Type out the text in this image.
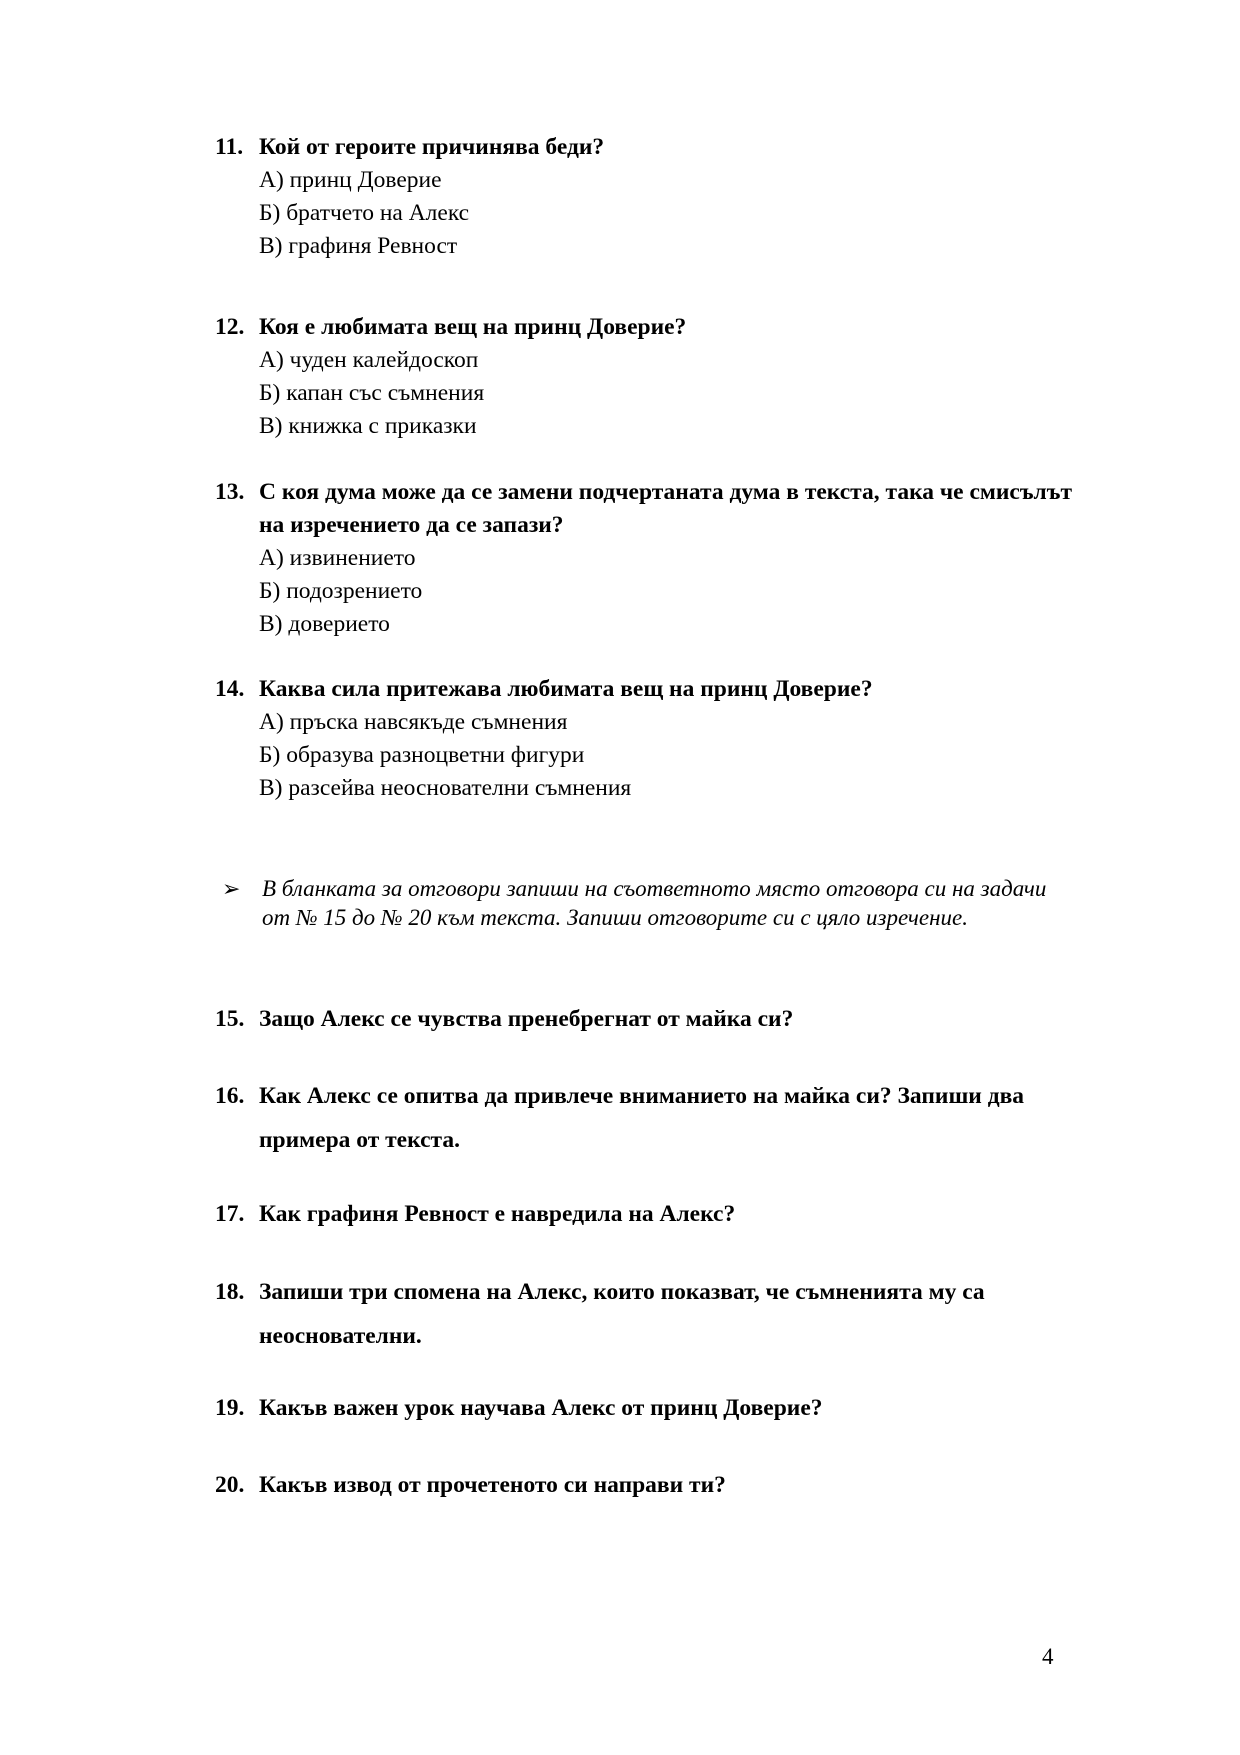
11. Кой от героите причинява беди?
А) принц Доверие
Б) братчето на Алекс
В) графиня Ревност
12. Коя е любимата вещ на принц Доверие?
А) чуден калейдоскоп
Б) капан със съмнения
В) книжка с приказки
13. С коя дума може да се замени подчертаната дума в текста, така че смисълът на изречението да се запази?
А) извинението
Б) подозрението
В) доверието
14. Каква сила притежава любимата вещ на принц Доверие?
А) пръска навсякъде съмнения
Б) образува разноцветни фигури
В) разсейва неоснователни съмнения
➢ В бланката за отговори запиши на съответното място отговора си на задачи от № 15 до № 20 към текста. Запиши отговорите си с цяло изречение.
15. Защо Алекс се чувства пренебрегнат от майка си?
16. Как Алекс се опитва да привлече вниманието на майка си? Запиши два примера от текста.
17. Как графиня Ревност е навредила на Алекс?
18. Запиши три спомена на Алекс, които показват, че съмненията му са неоснователни.
19. Какъв важен урок научава Алекс от принц Доверие?
20. Какъв извод от прочетеното си направи ти?
4
